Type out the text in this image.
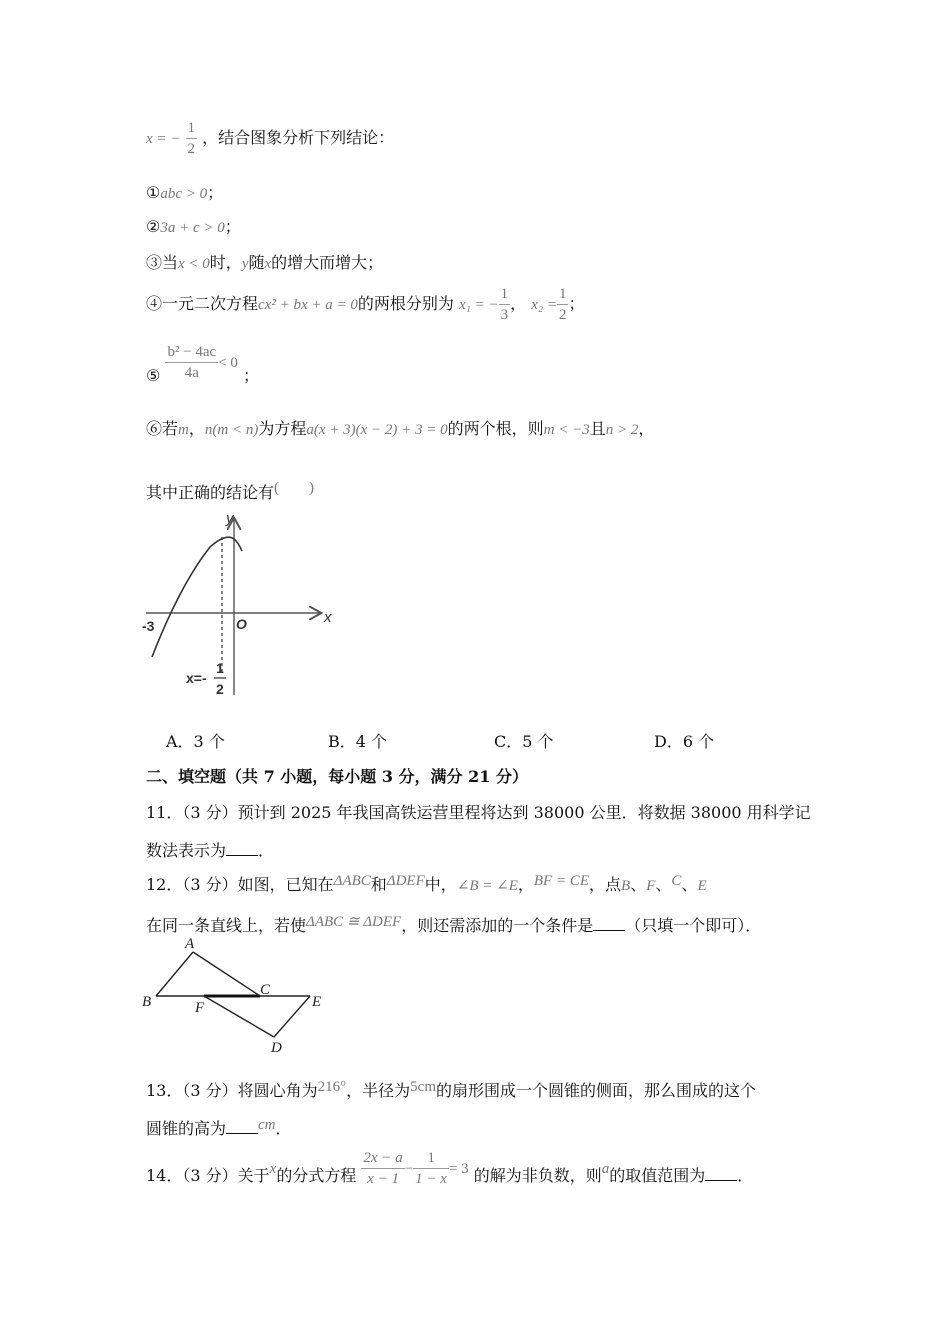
x = − $\frac{1}{2}$ ，结合图象分析下列结论：
①abc > 0；
②3a + c > 0；
③当x < 0时，y随x的增大而增大；
④一元二次方程cx² + bx + a = 0的两根分别为 x₁ = − $\frac{1}{3}$ ， $x_2 = \frac{1}{2}$ ；
⑤ $\frac{\text{b² − 4ac}}{4a} < 0$ ；
⑥若m，n(m < n)为方程a(x + 3)(x − 2) + 3 = 0的两个根，则m < −3且n > 2，
其中正确的结论有(　　)
y
x
O
-3
x=-
1
2
A．3 个	B．4 个	C．5 个	D．6 个
二、填空题（共 7 小题，每小题 3 分，满分 21 分）
11．（3 分）预计到 2025 年我国高铁运营里程将达到 38000 公里．将数据 38000 用科学记
数法表示为 ．
12．（3 分）如图，已知在ΔABC和ΔDEF中，∠B = ∠E，BF = CE，点B、F、C、E
在同一条直线上，若使ΔABC ≅ ΔDEF，则还需添加的一个条件是 （只填一个即可）．
A
B
C
E
F
D
13．（3 分）将圆心角为216°，半径为5cm的扇形围成一个圆锥的侧面，那么围成的这个
圆锥的高为 cm．
14．（3 分）关于x的分式方程 $\frac{2x - a}{x - 1} - \frac{1}{1 - x} = 3$ 的解为非负数，则a的取值范围为 ．
